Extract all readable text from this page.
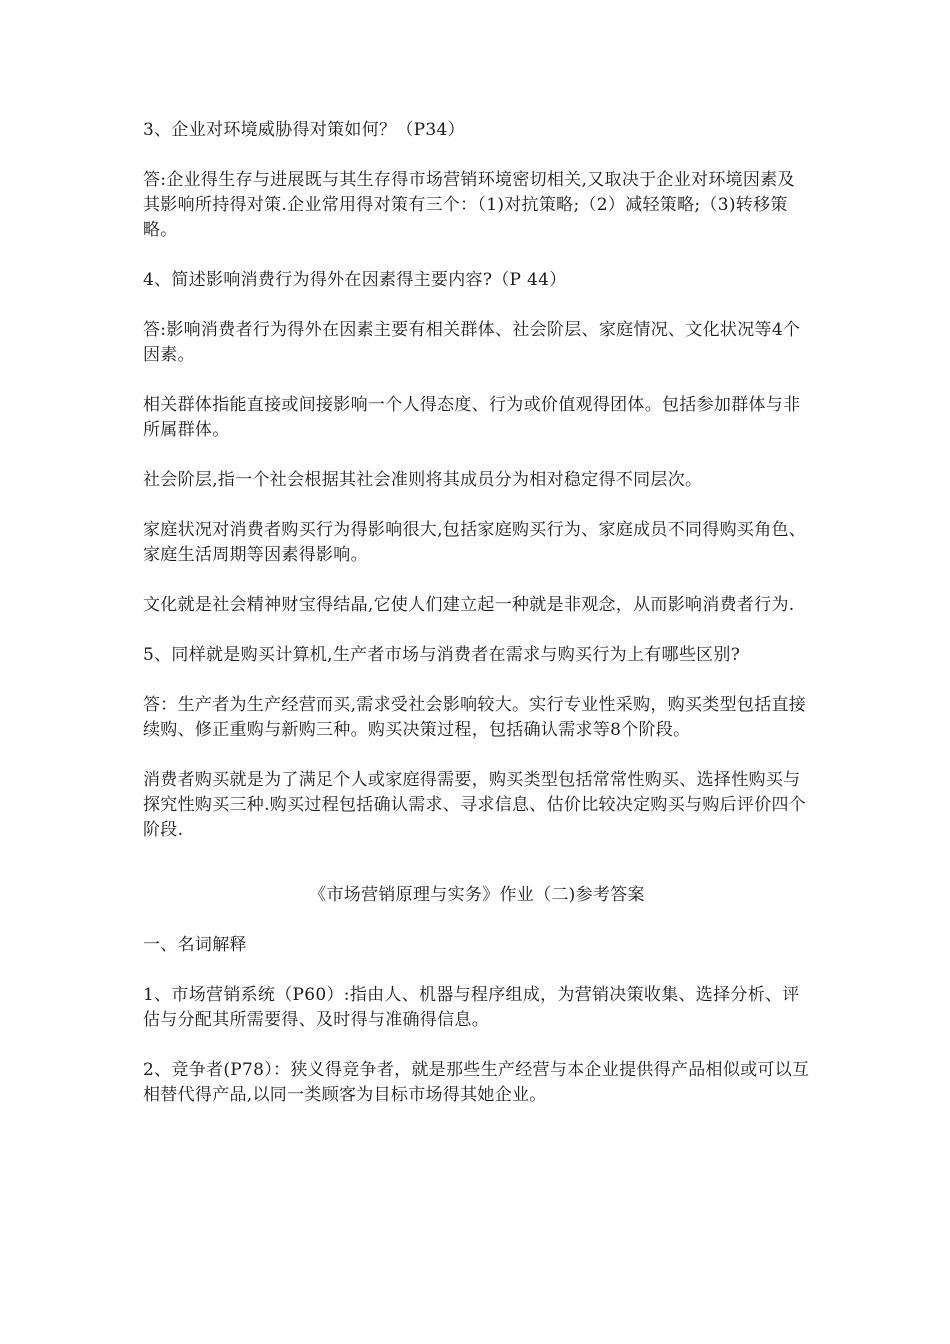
3、企业对环境威胁得对策如何？（P34）

答:企业得生存与进展既与其生存得市场营销环境密切相关,又取决于企业对环境因素及其影响所持得对策.企业常用得对策有三个：（1)对抗策略;（2）减轻策略;（3)转移策略。

4、简述影响消费行为得外在因素得主要内容?（P 44）

答:影响消费者行为得外在因素主要有相关群体、社会阶层、家庭情况、文化状况等4个因素。

相关群体指能直接或间接影响一个人得态度、行为或价值观得团体。包括参加群体与非所属群体。

社会阶层,指一个社会根据其社会准则将其成员分为相对稳定得不同层次。

家庭状况对消费者购买行为得影响很大,包括家庭购买行为、家庭成员不同得购买角色、家庭生活周期等因素得影响。

文化就是社会精神财宝得结晶,它使人们建立起一种就是非观念，从而影响消费者行为.

5、同样就是购买计算机,生产者市场与消费者在需求与购买行为上有哪些区别?

答：生产者为生产经营而买,需求受社会影响较大。实行专业性采购，购买类型包括直接续购、修正重购与新购三种。购买决策过程，包括确认需求等8个阶段。

消费者购买就是为了满足个人或家庭得需要，购买类型包括常常性购买、选择性购买与探究性购买三种.购买过程包括确认需求、寻求信息、估价比较决定购买与购后评价四个阶段.

《市场营销原理与实务》作业（二)参考答案

一、名词解释

1、市场营销系统（P60）:指由人、机器与程序组成，为营销决策收集、选择分析、评估与分配其所需要得、及时得与准确得信息。

2、竞争者(P78）：狭义得竞争者，就是那些生产经营与本企业提供得产品相似或可以互相替代得产品,以同一类顾客为目标市场得其她企业。
